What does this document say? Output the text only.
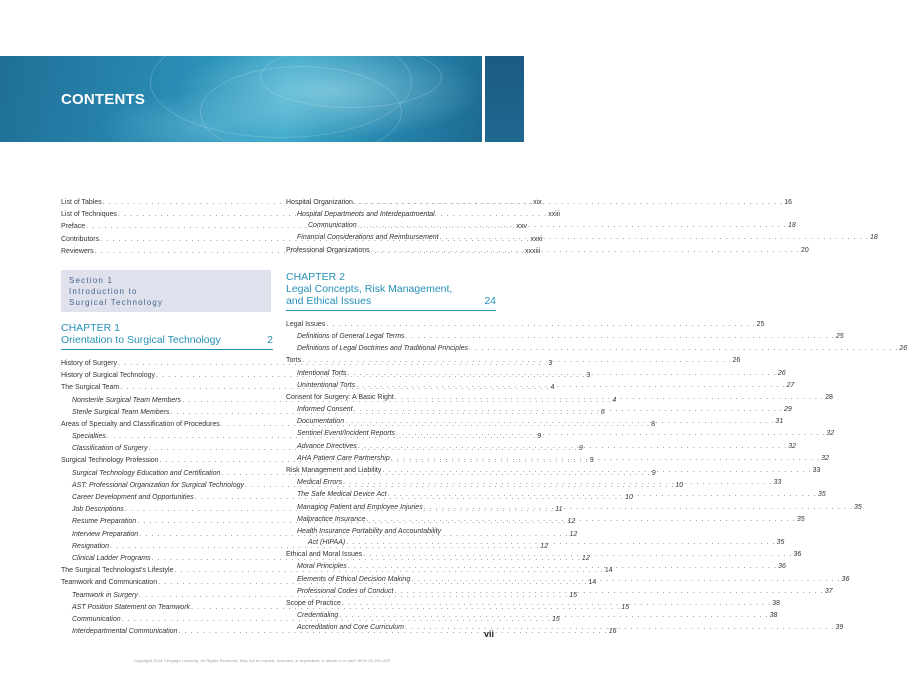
CONTENTS
List of Tables . . .	xix
List of Techniques . . .	xxiii
Preface . . .	xxv
Contributors . . .	xxxi
Reviewers . . .	xxxiii
Section 1
Introduction to
Surgical Technology
CHAPTER 1
Orientation to Surgical Technology	2
History of Surgery . . .	3
History of Surgical Technology . . .	3
The Surgical Team . . .	4
Nonsterile Surgical Team Members . . .	4
Sterile Surgical Team Members . . .	6
Areas of Specialty and Classification of Procedures . . .	8
Specialties . . .	9
Classification of Surgery . . .	9
Surgical Technology Profession . . .	9
Surgical Technology Education and Certification . . .	9
AST: Professional Organization for Surgical Technology . . .	10
Career Development and Opportunities . . .	10
Job Descriptions . . .	11
Resume Preparation . . .	12
Interview Preparation . . .	12
Resignation . . .	12
Clinical Ladder Programs . . .	12
The Surgical Technologist's Lifestyle . . .	14
Teamwork and Communication . . .	14
Teamwork in Surgery . . .	15
AST Position Statement on Teamwork . . .	15
Communication . . .	15
Interdepartmental Communication . . .	16
Hospital Organization . . .	16
Hospital Departments and Interdepartmental
Communication . . .	18
Financial Considerations and Reimbursement . . .	18
Professional Organizations . . .	20
CHAPTER 2
Legal Concepts, Risk Management,
and Ethical Issues	24
Legal Issues . . .	25
Definitions of General Legal Terms . . .	25
Definitions of Legal Doctrines and Traditional Principles . . .	26
Torts . . .	26
Intentional Torts . . .	26
Unintentional Torts . . .	27
Consent for Surgery: A Basic Right . . .	28
Informed Consent . . .	29
Documentation . . .	31
Sentinel Event/Incident Reports . . .	32
Advance Directives . . .	32
AHA Patient Care Partnership . . .	32
Risk Management and Liability . . .	33
Medical Errors . . .	33
The Safe Medical Device Act . . .	35
Managing Patient and Employee Injuries . . .	35
Malpractice Insurance . . .	35
Health Insurance Portability and Accountability
Act (HIPAA) . . .	35
Ethical and Moral Issues . . .	36
Moral Principles . . .	36
Elements of Ethical Decision Making . . .	36
Professional Codes of Conduct . . .	37
Scope of Practice . . .	38
Credentialing . . .	38
Accreditation and Core Curriculum . . .	39
vii
Copyright 2018 Cengage Learning. All Rights Reserved. May not be copied, scanned, or duplicated, in whole or in part. WCN 02-200-203
